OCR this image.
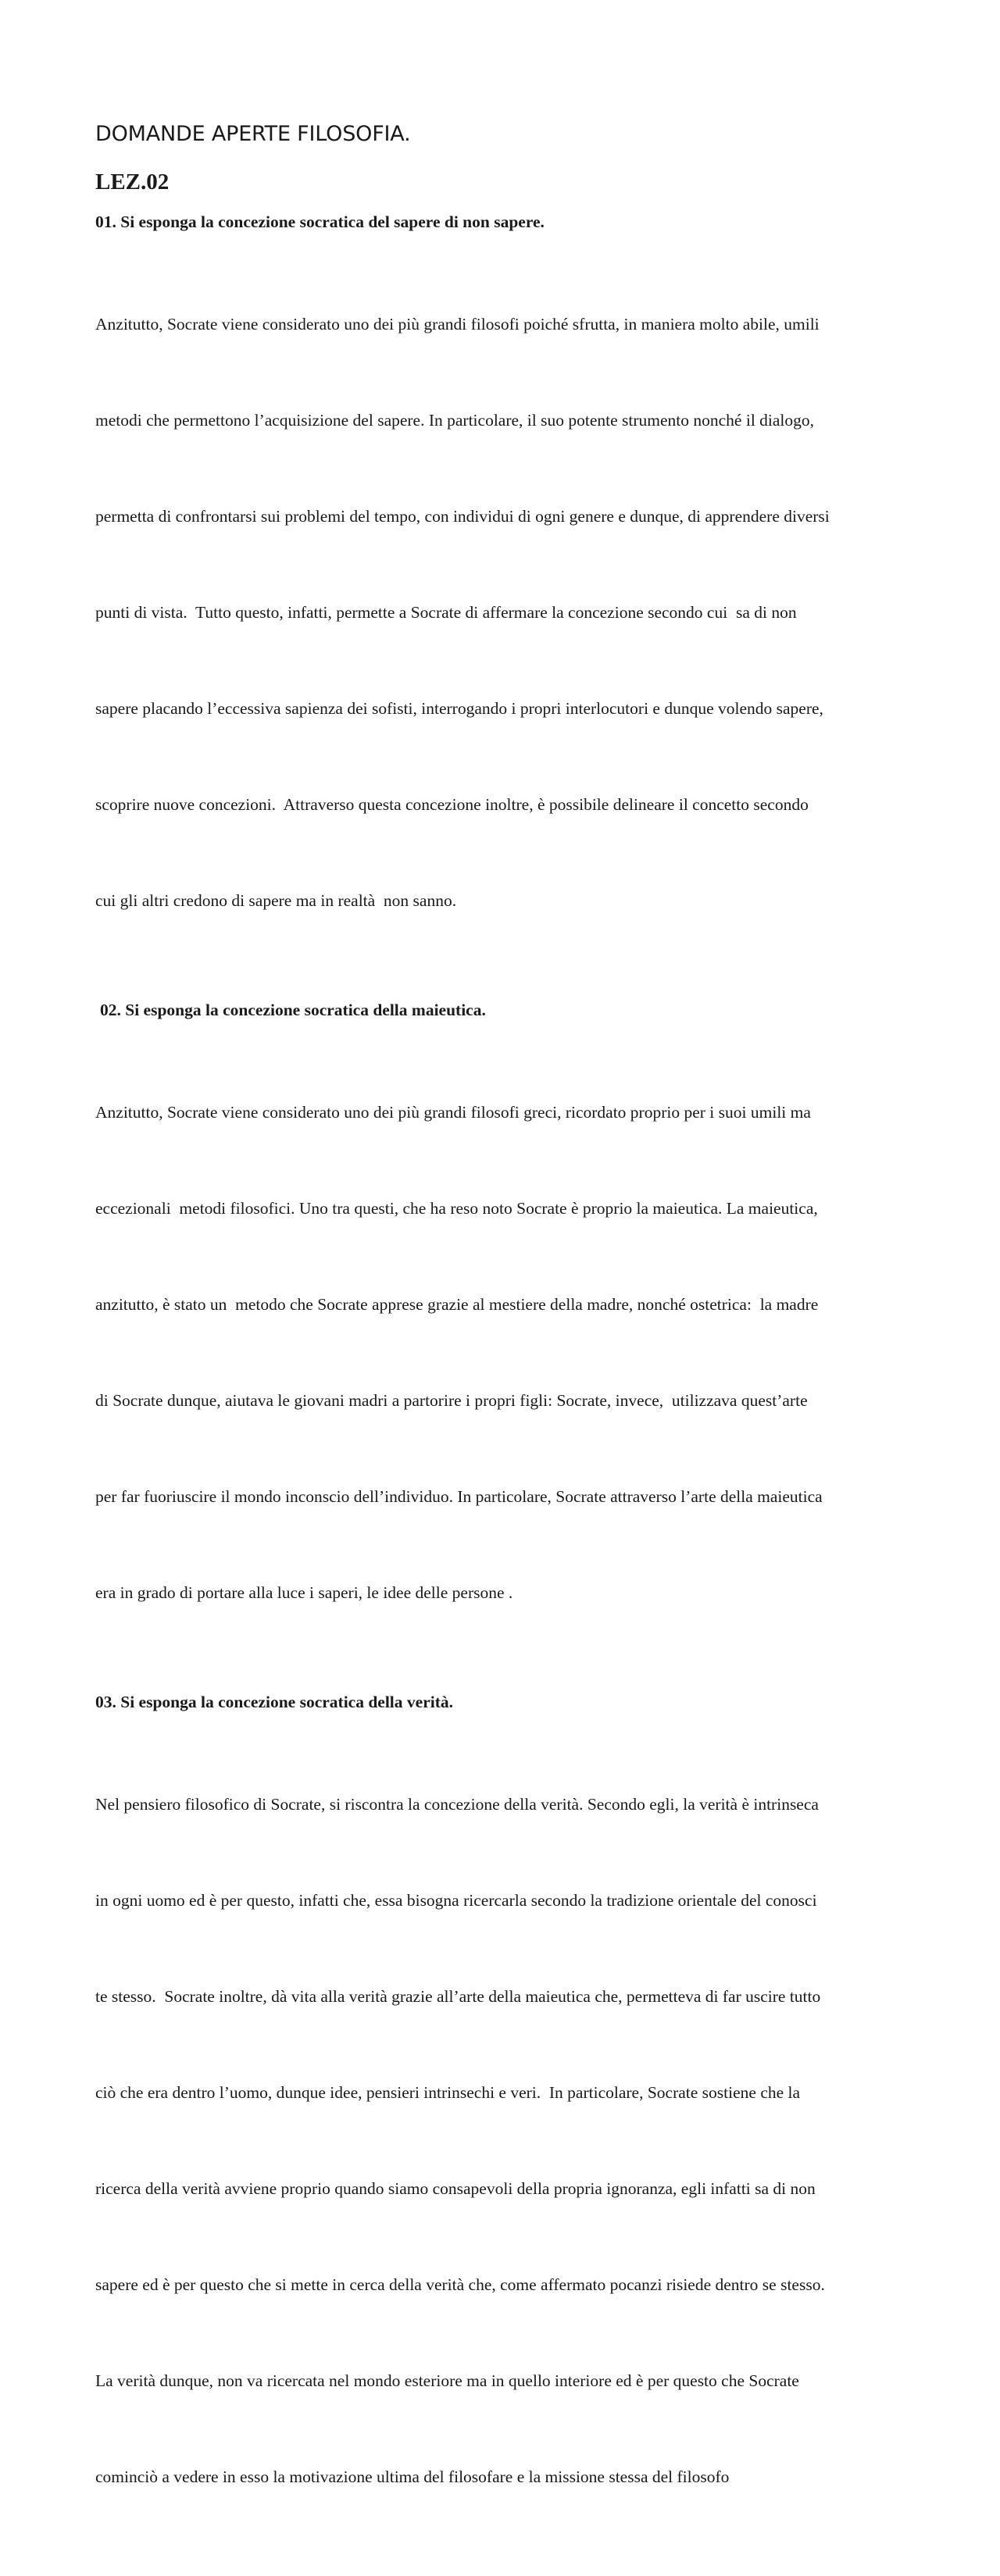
DOMANDE APERTE FILOSOFIA.
LEZ.02
01. Si esponga la concezione socratica del sapere di non sapere.

Anzitutto, Socrate viene considerato uno dei più grandi filosofi poiché sfrutta, in maniera molto abile, umili

metodi che permettono l’acquisizione del sapere. In particolare, il suo potente strumento nonché il dialogo,

permetta di confrontarsi sui problemi del tempo, con individui di ogni genere e dunque, di apprendere diversi

punti di vista.  Tutto questo, infatti, permette a Socrate di affermare la concezione secondo cui  sa di non

sapere placando l’eccessiva sapienza dei sofisti, interrogando i propri interlocutori e dunque volendo sapere,

scoprire nuove concezioni.  Attraverso questa concezione inoltre, è possibile delineare il concetto secondo

cui gli altri credono di sapere ma in realtà  non sanno.

02. Si esponga la concezione socratica della maieutica.

Anzitutto, Socrate viene considerato uno dei più grandi filosofi greci, ricordato proprio per i suoi umili ma

eccezionali  metodi filosofici. Uno tra questi, che ha reso noto Socrate è proprio la maieutica. La maieutica,

anzitutto, è stato un  metodo che Socrate apprese grazie al mestiere della madre, nonché ostetrica:  la madre

di Socrate dunque, aiutava le giovani madri a partorire i propri figli: Socrate, invece,  utilizzava quest’arte

per far fuoriuscire il mondo inconscio dell’individuo. In particolare, Socrate attraverso l’arte della maieutica

era in grado di portare alla luce i saperi, le idee delle persone .

03. Si esponga la concezione socratica della verità.

Nel pensiero filosofico di Socrate, si riscontra la concezione della verità. Secondo egli, la verità è intrinseca

in ogni uomo ed è per questo, infatti che, essa bisogna ricercarla secondo la tradizione orientale del conosci

te stesso.  Socrate inoltre, dà vita alla verità grazie all’arte della maieutica che, permetteva di far uscire tutto

ciò che era dentro l’uomo, dunque idee, pensieri intrinsechi e veri.  In particolare, Socrate sostiene che la

ricerca della verità avviene proprio quando siamo consapevoli della propria ignoranza, egli infatti sa di non

sapere ed è per questo che si mette in cerca della verità che, come affermato pocanzi risiede dentro se stesso.

La verità dunque, non va ricercata nel mondo esteriore ma in quello interiore ed è per questo che Socrate

cominciò a vedere in esso la motivazione ultima del filosofare e la missione stessa del filosofo
